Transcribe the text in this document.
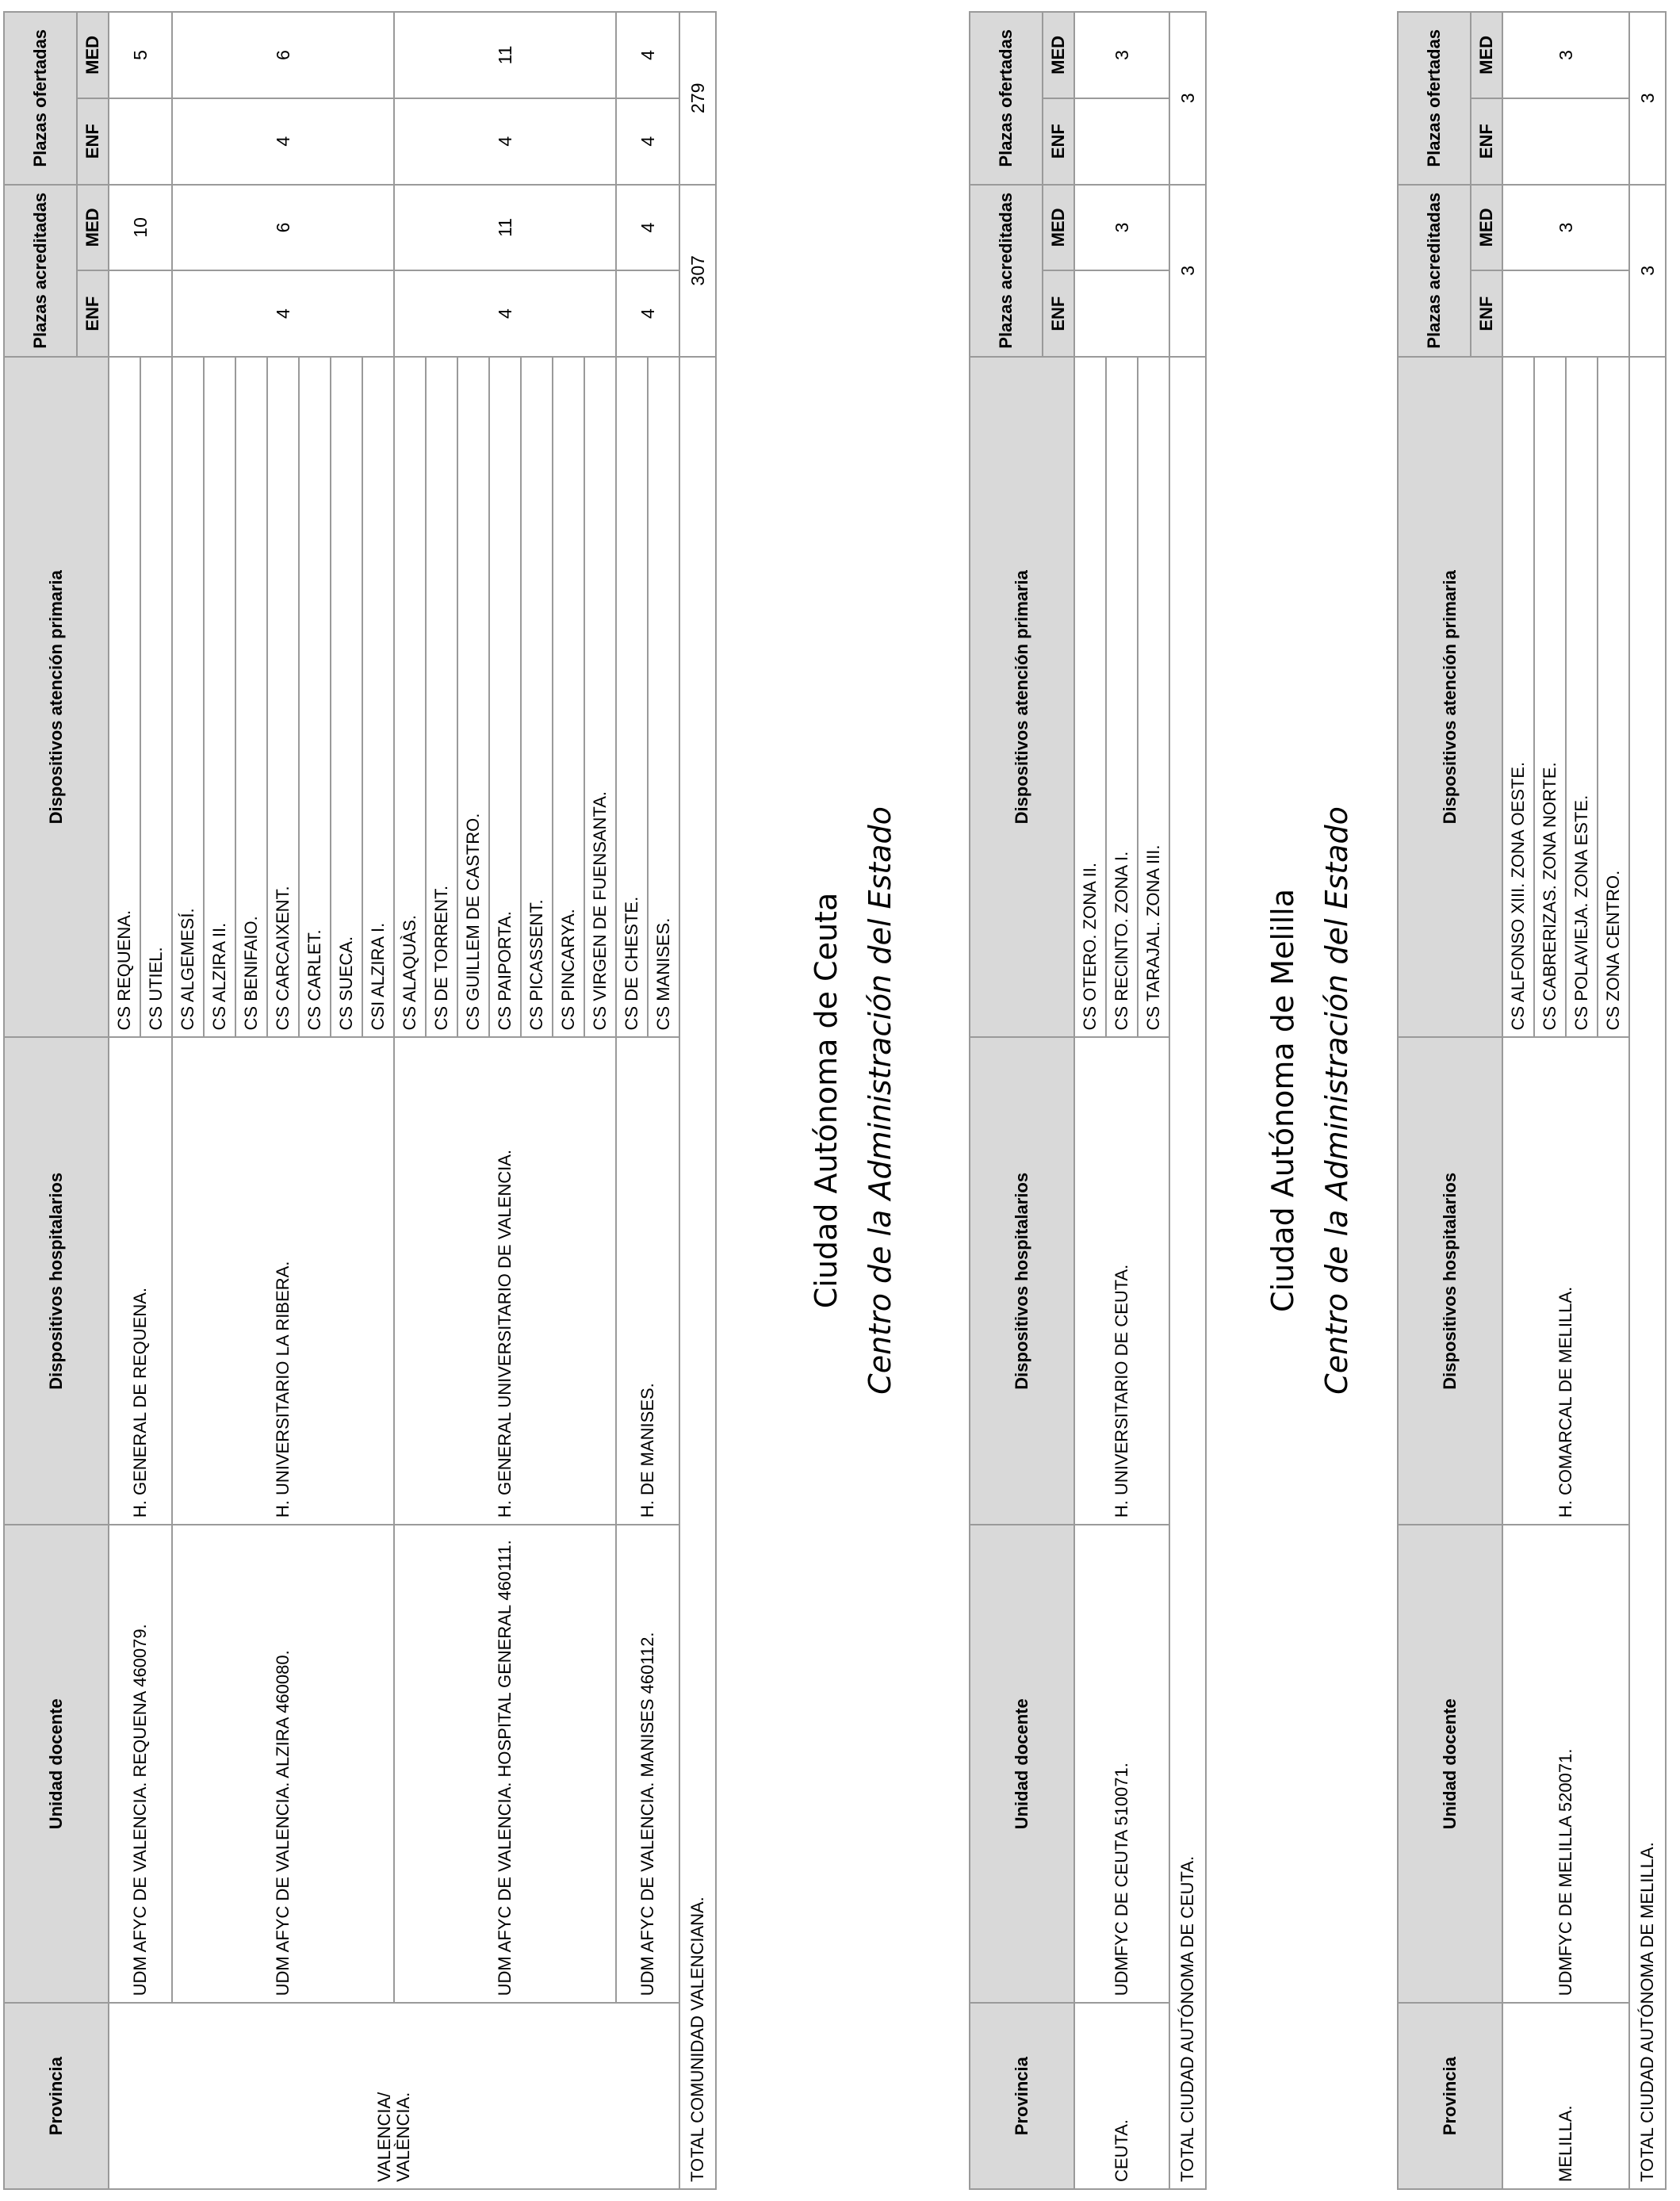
Provincia	Unidad docente	Dispositivos hospitalarios	Dispositivos atención primaria	Plazas acreditadas		Plazas ofertadas	
				ENF	MED	ENF	MED
VALENCIA/ VALÈNCIA.	UDM AFYC DE VALENCIA. REQUENA 460079.	H. GENERAL DE REQUENA.	CS REQUENA.		10		5
			CS UTIEL.				
	UDM AFYC DE VALENCIA. ALZIRA 460080.	H. UNIVERSITARIO LA RIBERA.	CS ALGEMESÍ.	4	6	4	6
			CS ALZIRA II.				
			CS BENIFAIO.				
			CS CARCAIXENT.				
			CS CARLET.				
			CS SUECA.				
			CSI ALZIRA I.				
	UDM AFYC DE VALENCIA. HOSPITAL GENERAL 460111.	H. GENERAL UNIVERSITARIO DE VALENCIA.	CS ALAQUÀS.	4	11	4	11
			CS DE TORRENT.				
			CS GUILLEM DE CASTRO.				
			CS PAIPORTA.				
			CS PICASSENT.				
			CS PINCARYA.				
			CS VIRGEN DE FUENSANTA.				
	UDM AFYC DE VALENCIA. MANISES 460112.	H. DE MANISES.	CS DE CHESTE.	4	4	4	4
			CS MANISES.				
TOTAL COMUNIDAD VALENCIANA.				307		279	
Ciudad Autónoma de Ceuta Centro de la Administración del Estado
Provincia	Unidad docente	Dispositivos hospitalarios	Dispositivos atención primaria	Plazas acreditadas		Plazas ofertadas	
				ENF	MED	ENF	MED
CEUTA.	UDMFYC DE CEUTA 510071.	H. UNIVERSITARIO DE CEUTA.	CS OTERO. ZONA II.		3		3
			CS RECINTO. ZONA I.				
			CS TARAJAL. ZONA III.				
TOTAL CIUDAD AUTÓNOMA DE CEUTA.				3		3	
Ciudad Autónoma de Melilla Centro de la Administración del Estado
Provincia	Unidad docente	Dispositivos hospitalarios	Dispositivos atención primaria	Plazas acreditadas		Plazas ofertadas	
				ENF	MED	ENF	MED
MELILLA.	UDMFYC DE MELILLA 520071.	H. COMARCAL DE MELILLA.	CS ALFONSO XIII. ZONA OESTE.		3		3
			CS CABRERIZAS. ZONA NORTE.				
			CS POLAVIEJA. ZONA ESTE.				
			CS ZONA CENTRO.				
TOTAL CIUDAD AUTÓNOMA DE MELILLA.				3		3	
